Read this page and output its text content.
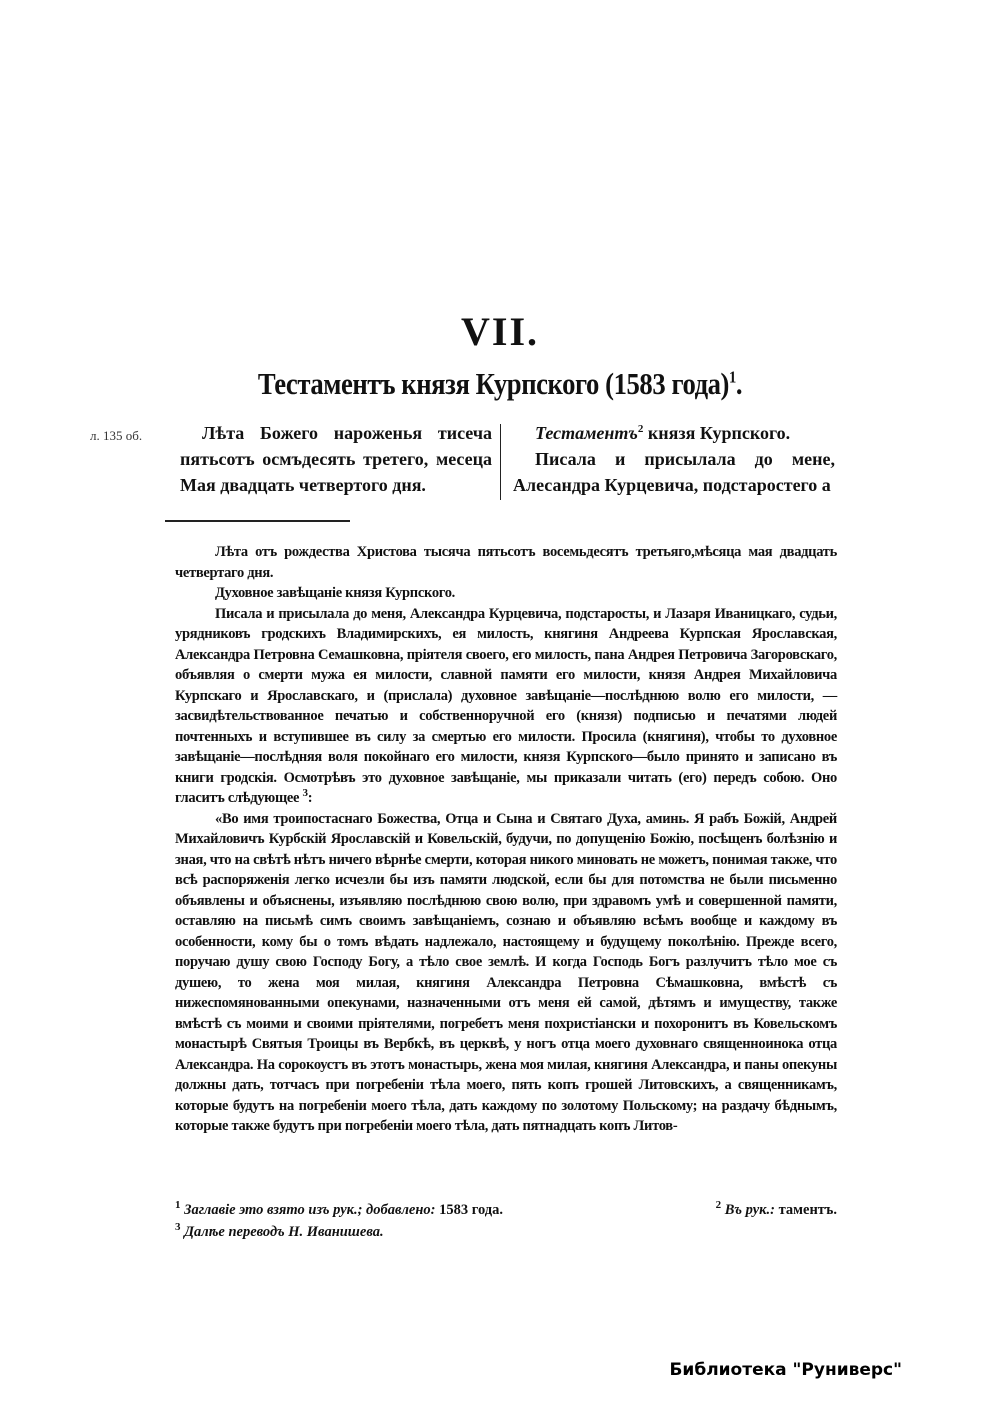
VII.
Тестаментъ князя Курпского (1583 года)$^1$.
л. 135 об.	Лѣта Божего нароженья тисеча пятьсотъ осмъдесять третего, месеца Мая двадцать четвертого дня.

Тестаментъ$^2$ князя Курпского.

Писала и присылала до мене, Алесандра Курцевича, подстаростего а

Лѣта отъ рождества Христова тысяча пятьсотъ восемьдесятъ третьяго,мѣсяца мая двадцать четвертаго дня.

Духовное завѣщаніе князя Курпского.

Писала и присылала до меня, Александра Курцевича, подстаросты, и Лазаря Иваницкаго, судьи, урядниковъ гродскихъ Владимирскихъ, ея милость, княгиня Андреева Курпская Ярославская, Александра Петровна Семашковна, пріятеля своего, его милость, пана Андрея Петровича Загоровскаго, объявляя о смерти мужа ея милости, славной памяти его милости, князя Андрея Михайловича Курпскаго и Ярославскаго, и (прислала) духовное завѣщаніе—послѣднюю волю его милости, — засвидѣтельствованное печатью и собственноручной его (князя) подписью и печатями людей почтенныхъ и вступившее въ силу за смертью его милости. Просила (княгиня), чтобы то духовное завѣщаніе—послѣдняя воля покойнаго его милости, князя Курпского—было принято и записано въ книги гродскія. Осмотрѣвъ это духовное завѣщаніе, мы приказали читать (его) передъ собою. Оно гласитъ слѣдующее $^3$:

«Во имя троипостаснаго Божества, Отца и Сына и Святаго Духа, аминь. Я рабъ Божій, Андрей Михайловичъ Курбскій Ярославскій и Ковельскій, будучи, по допущенію Божію, посѣщенъ болѣзнію и зная, что на свѣтѣ нѣтъ ничего вѣрнѣе смерти, которая никого миновать не можетъ, понимая также, что всѣ распоряженія легко исчезли бы изъ памяти людской, если бы для потомства не были письменно объявлены и объяснены, изъявляю послѣднюю свою волю, при здравомъ умѣ и совершенной памяти, оставляю на письмѣ симъ своимъ завѣщаніемъ, сознаю и объявляю всѣмъ вообще и каждому въ особенности, кому бы о томъ вѣдать надлежало, настоящему и будущему поколѣнію. Прежде всего, поручаю душу свою Господу Богу, а тѣло свое землѣ. И когда Господь Богъ разлучитъ тѣло мое съ душею, то жена моя милая, княгиня Александра Петровна Сѣмашковна, вмѣстѣ съ нижеспомянованными опекунами, назначенными отъ меня ей самой, дѣтямъ и имуществу, также вмѣстѣ съ моими и своими пріятелями, погребетъ меня похристіански и похоронитъ въ Ковельскомъ монастырѣ Святыя Троицы въ Вербкѣ, въ церквѣ, у ногъ отца моего духовнаго священноинока отца Александра. На сорокоустъ въ этотъ монастырь, жена моя милая, княгиня Александра, и паны опекуны должны дать, тотчасъ при погребеніи тѣла моего, пять копъ грошей Литовскихъ, а священникамъ, которые будутъ на погребеніи моего тѣла, дать каждому по золотому Польскому; на раздачу бѣднымъ, которые также будутъ при погребеніи моего тѣла, дать пятнадцать копъ Литов-

$^1$ Заглавіе это взято изъ рук.; добавлено: 1583 года.	$^2$ Въ рук.: таментъ.
$^3$ Далѣе переводъ Н. Иванишева.
Библиотека "Руниверс"
